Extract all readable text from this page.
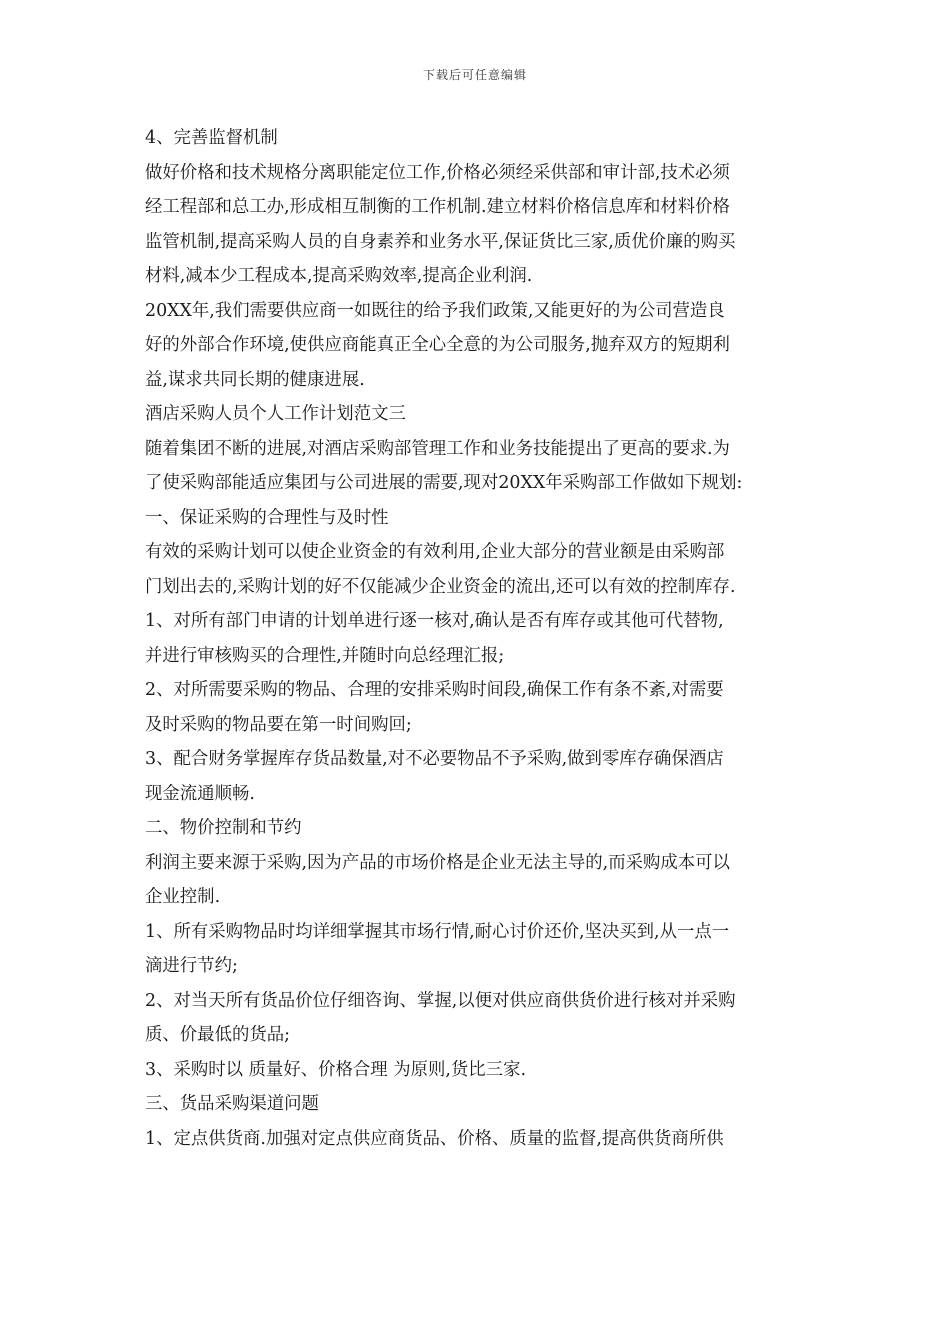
下载后可任意编辑
4、完善监督机制
做好价格和技术规格分离职能定位工作,价格必须经采供部和审计部,技术必须
经工程部和总工办,形成相互制衡的工作机制.建立材料价格信息库和材料价格
监管机制,提高采购人员的自身素养和业务水平,保证货比三家,质优价廉的购买
材料,减本少工程成本,提高采购效率,提高企业利润.
20XX年,我们需要供应商一如既往的给予我们政策,又能更好的为公司营造良
好的外部合作环境,使供应商能真正全心全意的为公司服务,抛弃双方的短期利
益,谋求共同长期的健康进展.
酒店采购人员个人工作计划范文三
随着集团不断的进展,对酒店采购部管理工作和业务技能提出了更高的要求.为
了使采购部能适应集团与公司进展的需要,现对20XX年采购部工作做如下规划:
一、保证采购的合理性与及时性
有效的采购计划可以使企业资金的有效利用,企业大部分的营业额是由采购部
门划出去的,采购计划的好不仅能减少企业资金的流出,还可以有效的控制库存.
1、对所有部门申请的计划单进行逐一核对,确认是否有库存或其他可代替物,
并进行审核购买的合理性,并随时向总经理汇报;
2、对所需要采购的物品、合理的安排采购时间段,确保工作有条不紊,对需要
及时采购的物品要在第一时间购回;
3、配合财务掌握库存货品数量,对不必要物品不予采购,做到零库存确保酒店
现金流通顺畅.
二、物价控制和节约
利润主要来源于采购,因为产品的市场价格是企业无法主导的,而采购成本可以
企业控制.
1、所有采购物品时均详细掌握其市场行情,耐心讨价还价,坚决买到,从一点一
滴进行节约;
2、对当天所有货品价位仔细咨询、掌握,以便对供应商供货价进行核对并采购
质、价最低的货品;
3、采购时以 质量好、价格合理 为原则,货比三家.
三、货品采购渠道问题
1、定点供货商.加强对定点供应商货品、价格、质量的监督,提高供货商所供
